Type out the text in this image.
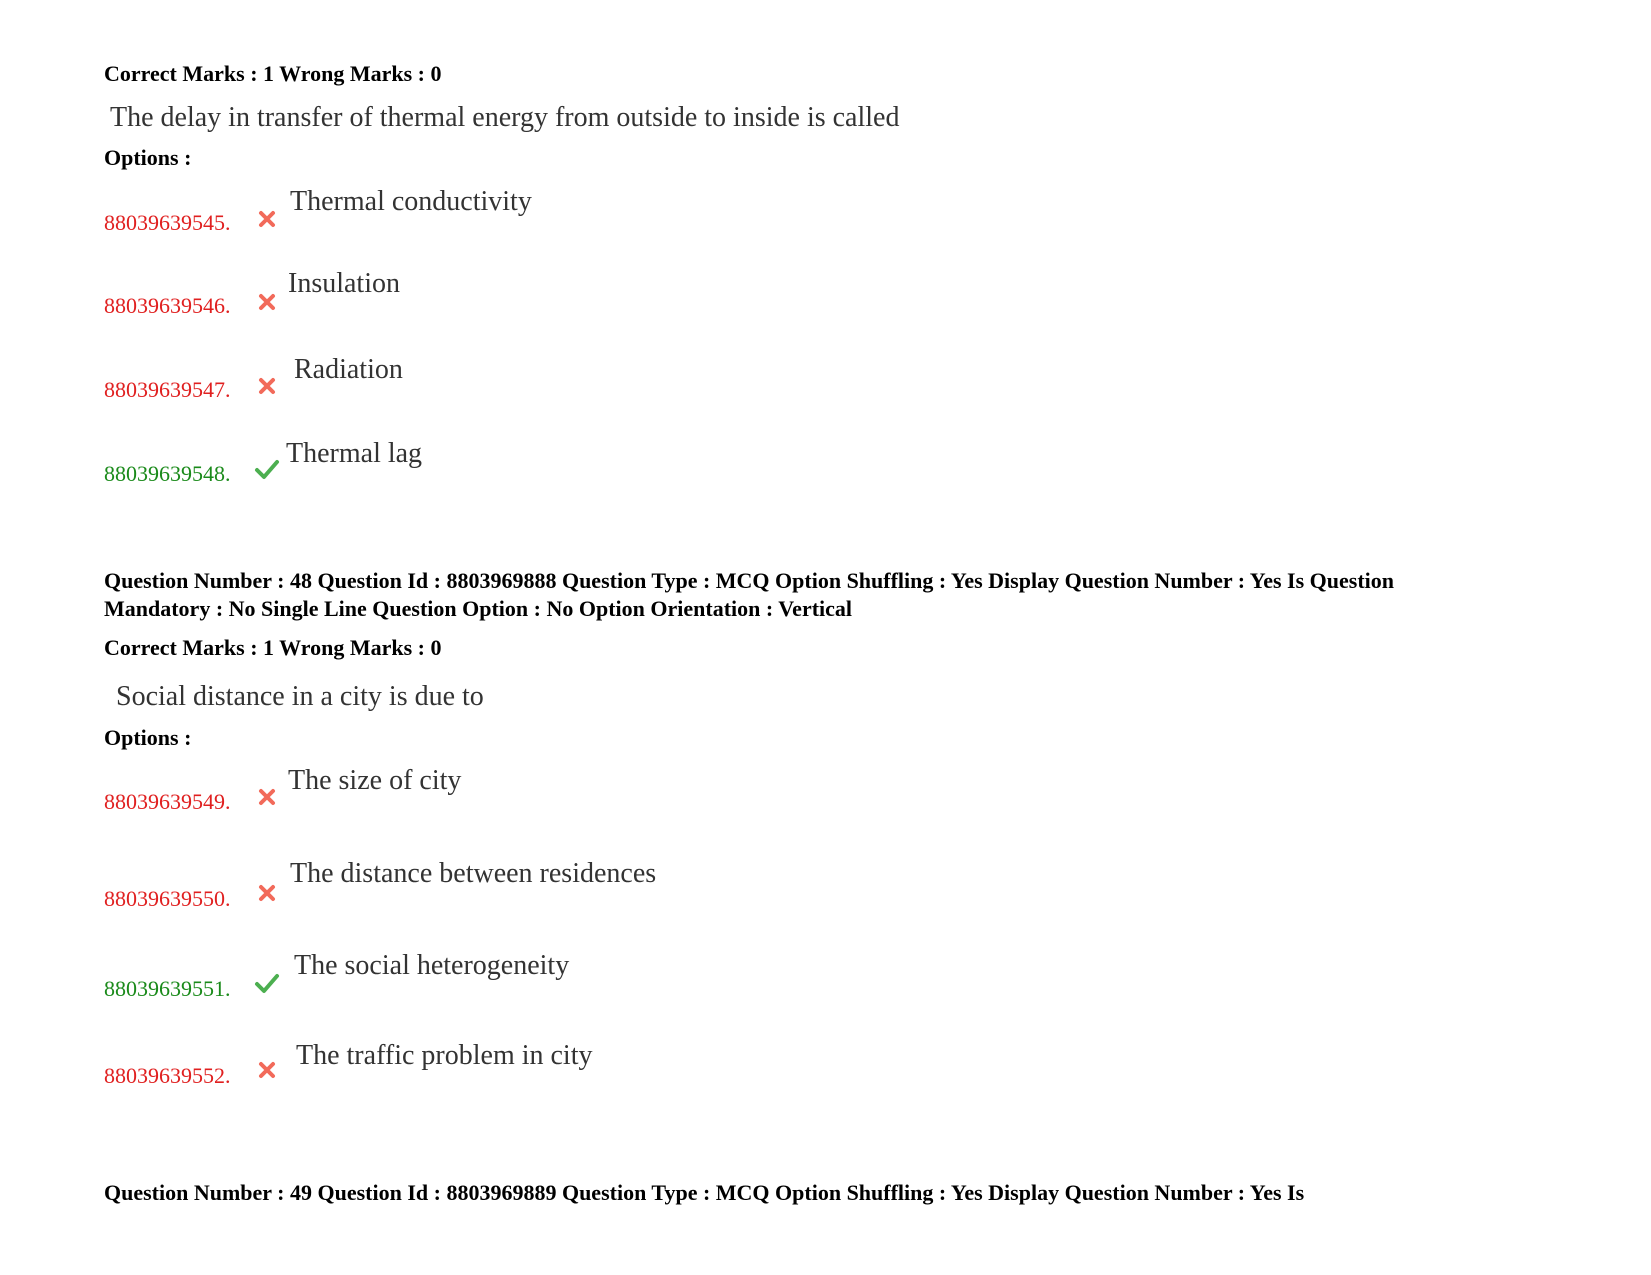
Correct Marks : 1 Wrong Marks : 0
The delay in transfer of thermal energy from outside to inside is called
Options :
88039639545.
Thermal conductivity
88039639546.
Insulation
88039639547.
Radiation
88039639548.
Thermal lag
Question Number : 48 Question Id : 8803969888 Question Type : MCQ Option Shuffling : Yes Display Question Number : Yes Is Question Mandatory : No Single Line Question Option : No Option Orientation : Vertical
Correct Marks : 1 Wrong Marks : 0
Social distance in a city is due to
Options :
88039639549.
The size of city
88039639550.
The distance between residences
88039639551.
The social heterogeneity
88039639552.
The traffic problem in city
Question Number : 49 Question Id : 8803969889 Question Type : MCQ Option Shuffling : Yes Display Question Number : Yes Is
